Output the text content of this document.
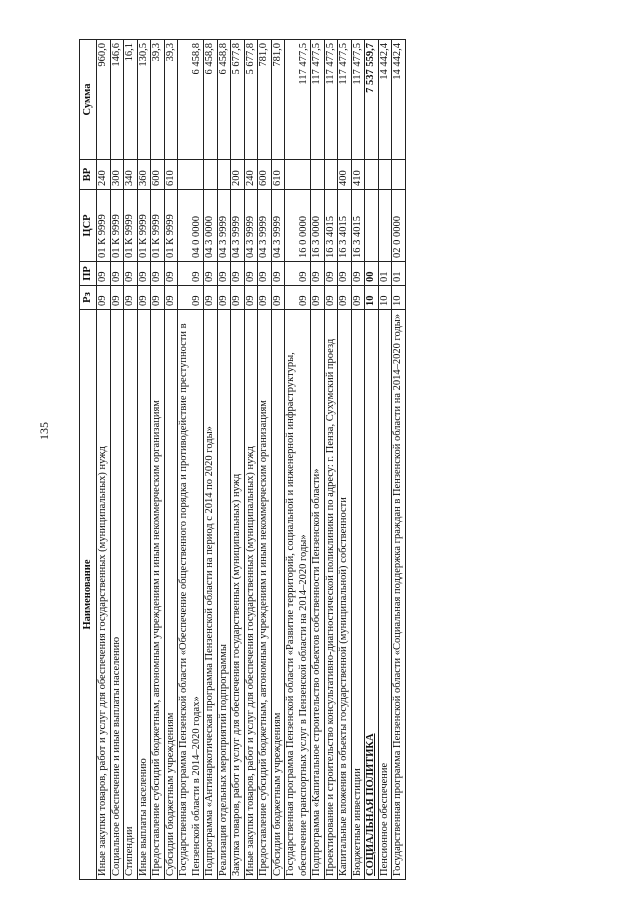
135
Наименование	Рз	ПР	ЦСР	ВР	Сумма
Иные закупки товаров, работ и услуг для обеспечения государственных (муниципальных) нужд	09	09	01 К 9999	240	960,0
Социальное обеспечение и иные выплаты населению	09	09	01 К 9999	300	146,6
Стипендии	09	09	01 К 9999	340	16,1
Иные выплаты населению	09	09	01 К 9999	360	130,5
Предоставление субсидий бюджетным, автономным учреждениям и иным некоммерческим организациям	09	09	01 К 9999	600	39,3
Субсидии бюджетным учреждениям	09	09	01 К 9999	610	39,3
Государственная программа Пензенской области «Обеспечение общественного порядка и противодействие преступности в Пензенской области в 2014–2020 годах»	09	09	04 0 0000		6 458,8
Подпрограмма «Антинаркотическая программа Пензенской области на период с 2014 по 2020 годы»	09	09	04 3 0000		6 458,8
Реализация отдельных мероприятий подпрограммы	09	09	04 3 9999		6 458,8
Закупка товаров, работ и услуг для обеспечения государственных (муниципальных) нужд	09	09	04 3 9999	200	5 677,8
Иные закупки товаров, работ и услуг для обеспечения государственных (муниципальных) нужд	09	09	04 3 9999	240	5 677,8
Предоставление субсидий бюджетным, автономным учреждениям и иным некоммерческим организациям	09	09	04 3 9999	600	781,0
Субсидии бюджетным учреждениям	09	09	04 3 9999	610	781,0
Государственная программа Пензенской области «Развитие территорий, социальной и инженерной инфраструктуры, обеспечение транспортных услуг в Пензенской области на 2014–2020 годы»	09	09	16 0 0000		117 477,5
Подпрограмма «Капитальное строительство объектов собственности Пензенской области»	09	09	16 3 0000		117 477,5
Проектирование и строительство консультативно-диагностической поликлиники по адресу: г. Пенза, Сухумский проезд	09	09	16 3 4015		117 477,5
Капитальные вложения в объекты государственной (муниципальной) собственности	09	09	16 3 4015	400	117 477,5
Бюджетные инвестиции	09	09	16 3 4015	410	117 477,5
СОЦИАЛЬНАЯ ПОЛИТИКА	10	00			7 537 559,7
Пенсионное обеспечение	10	01			14 442,4
Государственная программа Пензенской области «Социальная поддержка граждан в Пензенской области на 2014–2020 годы»	10	01	02 0 0000		14 442,4
